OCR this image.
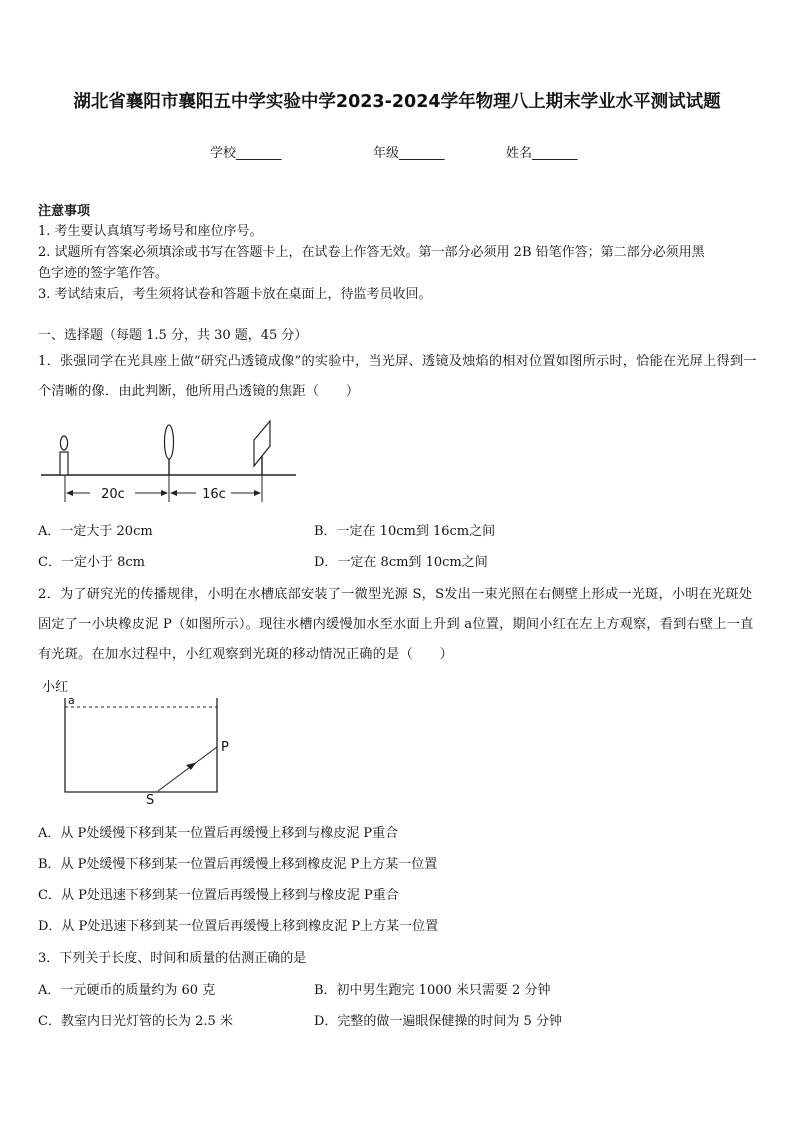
湖北省襄阳市襄阳五中学实验中学2023-2024学年物理八上期末学业水平测试试题
学校_______	年级_______	姓名_______
注意事项
1. 考生要认真填写考场号和座位序号。
2. 试题所有答案必须填涂或书写在答题卡上，在试卷上作答无效。第一部分必须用 2B 铅笔作答；第二部分必须用黑
色字迹的签字笔作答。
3. 考试结束后，考生须将试卷和答题卡放在桌面上，待监考员收回。
一、选择题（每题 1.5 分，共 30 题，45 分）
1．张强同学在光具座上做“研究凸透镜成像”的实验中，当光屏、透镜及烛焰的相对位置如图所示时，恰能在光屏上得到一个清晰的像．由此判断，他所用凸透镜的焦距（　　）
20c	16c
A．一定大于 20cm	B．一定在 10cm到 16cm之间
C．一定小于 8cm	D．一定在 8cm到 10cm之间
2．为了研究光的传播规律，小明在水槽底部安装了一微型光源 S，S发出一束光照在右侧壁上形成一光斑，小明在光斑处固定了一小块橡皮泥 P（如图所示）。现往水槽内缓慢加水至水面上升到 a位置，期间小红在左上方观察，看到右壁上一直有光斑。在加水过程中，小红观察到光斑的移动情况正确的是（　　）
小红
a
P
S
A．从 P处缓慢下移到某一位置后再缓慢上移到与橡皮泥 P重合
B．从 P处缓慢下移到某一位置后再缓慢上移到橡皮泥 P上方某一位置
C．从 P处迅速下移到某一位置后再缓慢上移到与橡皮泥 P重合
D．从 P处迅速下移到某一位置后再缓慢上移到橡皮泥 P上方某一位置
3．下列关于长度、时间和质量的估测正确的是
A．一元硬币的质量约为 60 克	B．初中男生跑完 1000 米只需要 2 分钟
C．教室内日光灯管的长为 2.5 米	D．完整的做一遍眼保健操的时间为 5 分钟
